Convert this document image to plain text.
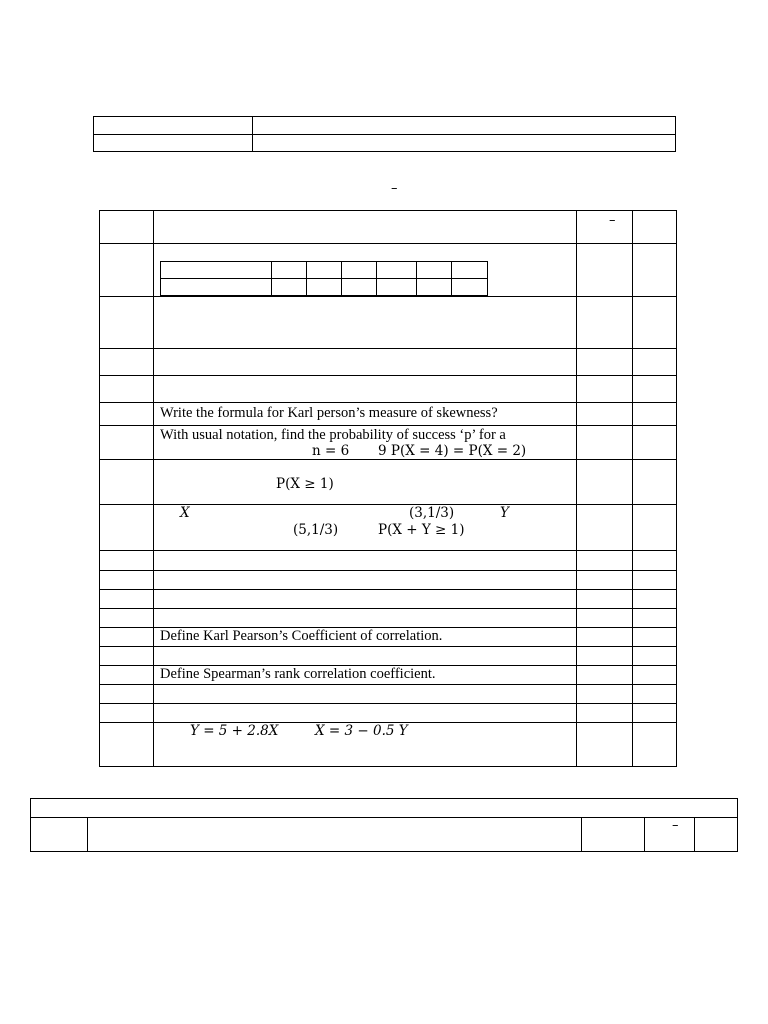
–

–

Write the formula for Karl person’s measure of skewness?

With usual notation, find the probability of success ‘p’ for a
n = 6 9 P(X = 4) = P(X = 2)

P(X ≥ 1)

X	(3,1/3)	Y
(5,1/3)	P(X + Y ≥ 1)

Define Karl Pearson’s Coefficient of correlation.

Define Spearman’s rank correlation coefficient.

Y = 5 + 2.8X	X = 3 − 0.5 Y

–
